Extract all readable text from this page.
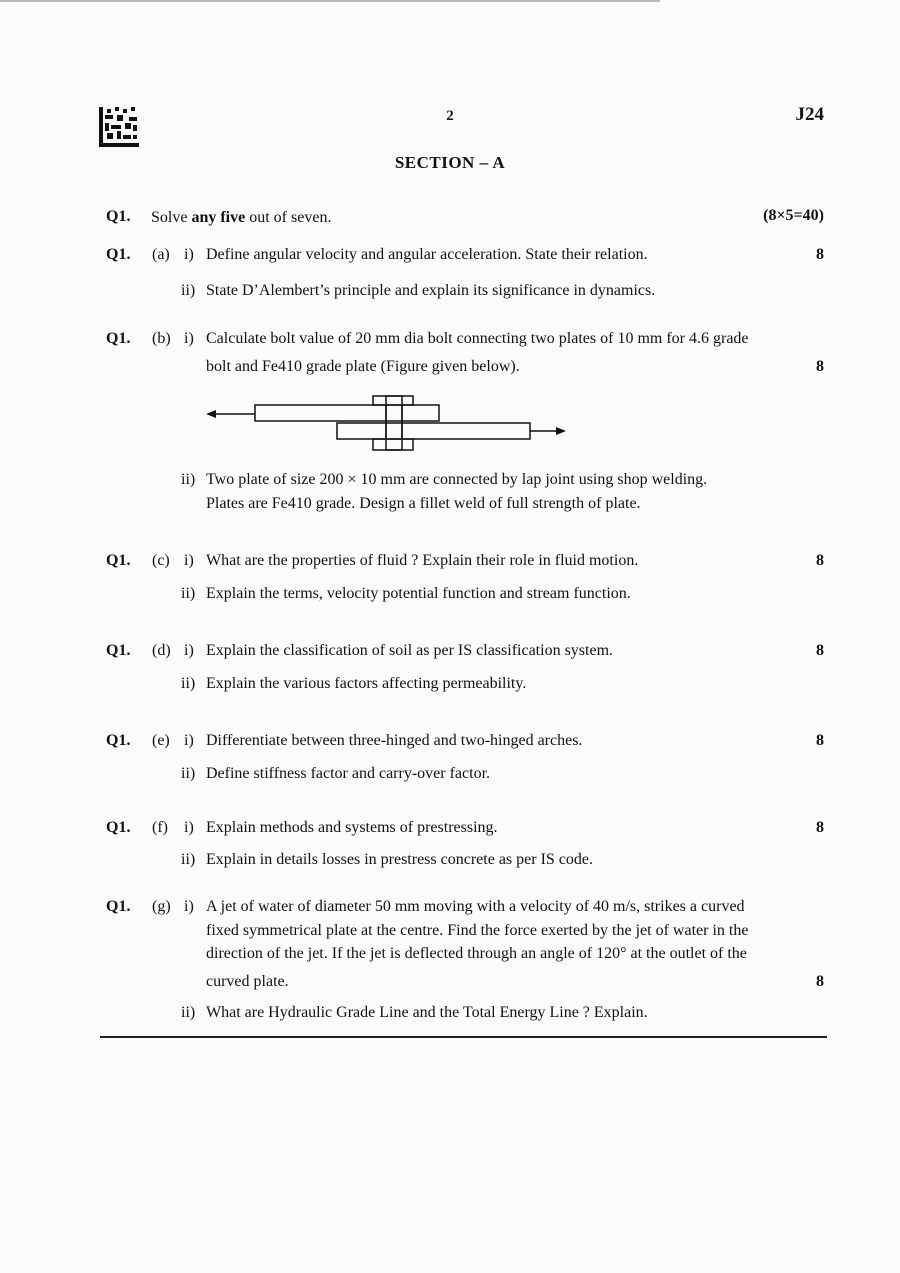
2	J24
SECTION – A
Q1. Solve any five out of seven.	(8×5=40)
Q1. (a) i) Define angular velocity and angular acceleration. State their relation.	8
ii) State D’Alembert’s principle and explain its significance in dynamics.
Q1. (b) i) Calculate bolt value of 20 mm dia bolt connecting two plates of 10 mm for 4.6 grade
bolt and Fe410 grade plate (Figure given below).	8
ii) Two plate of size 200 × 10 mm are connected by lap joint using shop welding.
Plates are Fe410 grade. Design a fillet weld of full strength of plate.
Q1. (c) i) What are the properties of fluid ? Explain their role in fluid motion.	8
ii) Explain the terms, velocity potential function and stream function.
Q1. (d) i) Explain the classification of soil as per IS classification system.	8
ii) Explain the various factors affecting permeability.
Q1. (e) i) Differentiate between three-hinged and two-hinged arches.	8
ii) Define stiffness factor and carry-over factor.
Q1. (f) i) Explain methods and systems of prestressing.	8
ii) Explain in details losses in prestress concrete as per IS code.
Q1. (g) i) A jet of water of diameter 50 mm moving with a velocity of 40 m/s, strikes a curved
fixed symmetrical plate at the centre. Find the force exerted by the jet of water in the
direction of the jet. If the jet is deflected through an angle of 120° at the outlet of the
curved plate.	8
ii) What are Hydraulic Grade Line and the Total Energy Line ? Explain.
